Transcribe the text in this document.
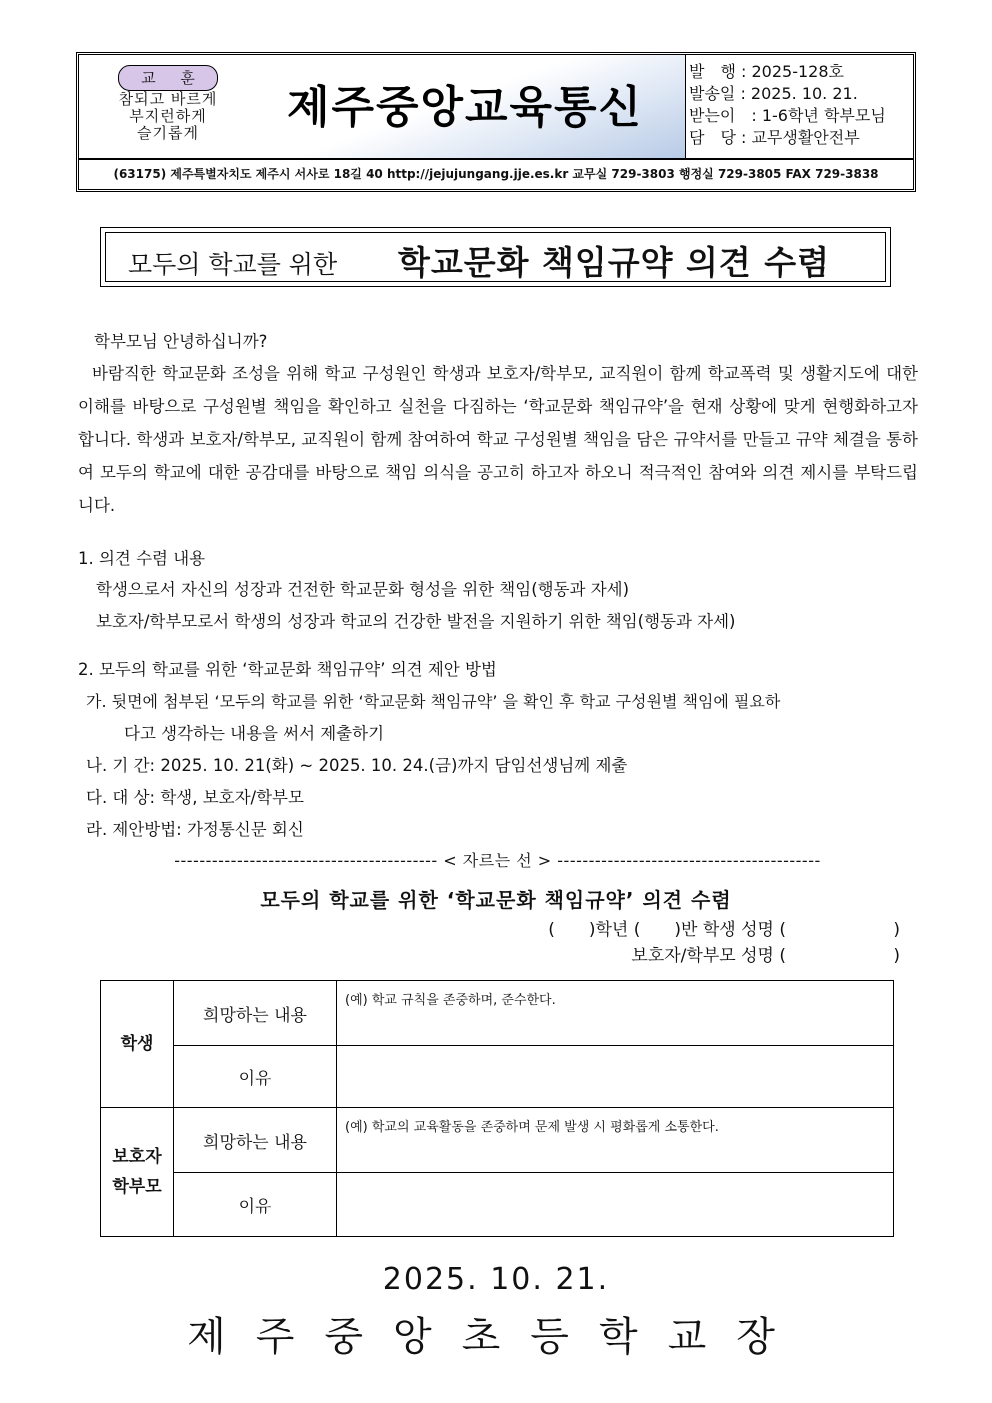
교 훈
참되고 바르게
부지런하게
슬기롭게	제주중앙교육통신
발　행 : 2025-128호
발송일 : 2025. 10. 21.
받는이　: 1-6학년 학부모님
담　당 : 교무생활안전부
(63175) 제주특별자치도 제주시 서사로 18길 40 http://jejujungang.jje.es.kr 교무실 729-3803 행정실 729-3805 FAX 729-3838
모두의 학교를 위한 학교문화 책임규약 의견 수렴
학부모님 안녕하십니까?
바람직한 학교문화 조성을 위해 학교 구성원인 학생과 보호자/학부모, 교직원이 함께 학교폭력 및 생활지도에 대한 이해를 바탕으로 구성원별 책임을 확인하고 실천을 다짐하는 ‘학교문화 책임규약’을 현재 상황에 맞게 현행화하고자 합니다. 학생과 보호자/학부모, 교직원이 함께 참여하여 학교 구성원별 책임을 담은 규약서를 만들고 규약 체결을 통하여 모두의 학교에 대한 공감대를 바탕으로 책임 의식을 공고히 하고자 하오니 적극적인 참여와 의견 제시를 부탁드립니다.
1. 의견 수렴 내용
학생으로서 자신의 성장과 건전한 학교문화 형성을 위한 책임(행동과 자세)
보호자/학부모로서 학생의 성장과 학교의 건강한 발전을 지원하기 위한 책임(행동과 자세)
2. 모두의 학교를 위한 ‘학교문화 책임규약’ 의견 제안 방법
가. 뒷면에 첨부된 ‘모두의 학교를 위한 ‘학교문화 책임규약’ 을 확인 후 학교 구성원별 책임에 필요하
다고 생각하는 내용을 써서 제출하기
나. 기 간: 2025. 10. 21(화) ~ 2025. 10. 24.(금)까지 담임선생님께 제출
다. 대 상: 학생, 보호자/학부모
라. 제안방법: 가정통신문 회신
------------------------------------------ < 자르는 선 > ------------------------------------------
모두의 학교를 위한 ‘학교문화 책임규약’ 의견 수렴
(　　)학년 (　　)반 학생 성명 (　　　　　　 )
보호자/학부모 성명 (　　　　　　 )
학생	희망하는 내용	(예) 학교 규칙을 존중하며, 준수한다.
	이유	

보호자
학부모	희망하는 내용	(예) 학교의 교육활동을 존중하며 문제 발생 시 평화롭게 소통한다.
	이유	
2025. 10. 21.
제주중앙초등학교장
